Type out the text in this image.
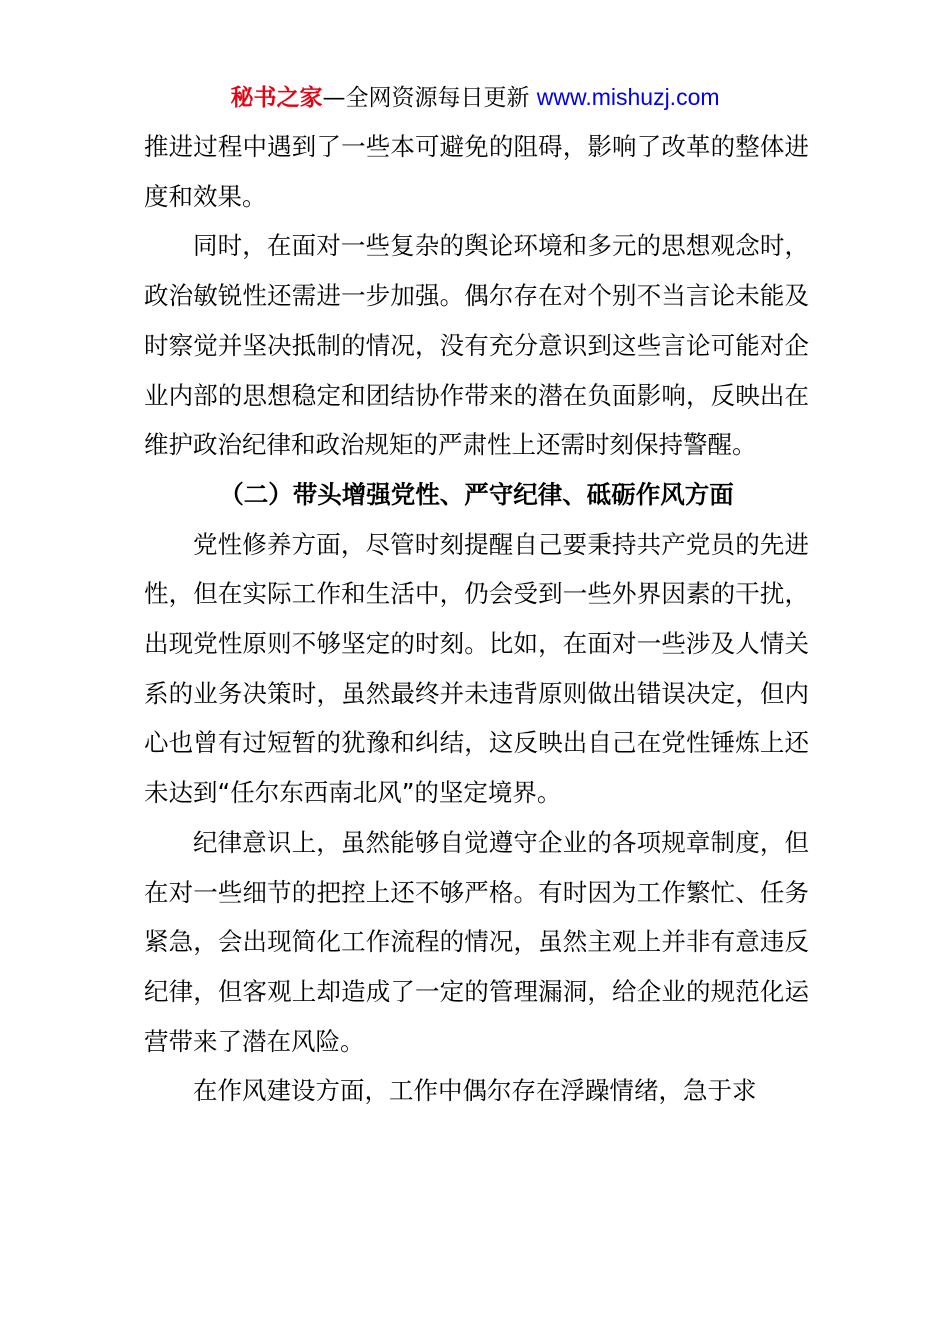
秘书之家—全网资源每日更新 www.mishuzj.com

推进过程中遇到了一些本可避免的阻碍，影响了改革的整体进度和效果。

同时，在面对一些复杂的舆论环境和多元的思想观念时，政治敏锐性还需进一步加强。偶尔存在对个别不当言论未能及时察觉并坚决抵制的情况，没有充分意识到这些言论可能对企业内部的思想稳定和团结协作带来的潜在负面影响，反映出在维护政治纪律和政治规矩的严肃性上还需时刻保持警醒。

（二）带头增强党性、严守纪律、砥砺作风方面

党性修养方面，尽管时刻提醒自己要秉持共产党员的先进性，但在实际工作和生活中，仍会受到一些外界因素的干扰，出现党性原则不够坚定的时刻。比如，在面对一些涉及人情关系的业务决策时，虽然最终并未违背原则做出错误决定，但内心也曾有过短暂的犹豫和纠结，这反映出自己在党性锤炼上还未达到“任尔东西南北风”的坚定境界。

纪律意识上，虽然能够自觉遵守企业的各项规章制度，但在对一些细节的把控上还不够严格。有时因为工作繁忙、任务紧急，会出现简化工作流程的情况，虽然主观上并非有意违反纪律，但客观上却造成了一定的管理漏洞，给企业的规范化运营带来了潜在风险。

在作风建设方面，工作中偶尔存在浮躁情绪，急于求
